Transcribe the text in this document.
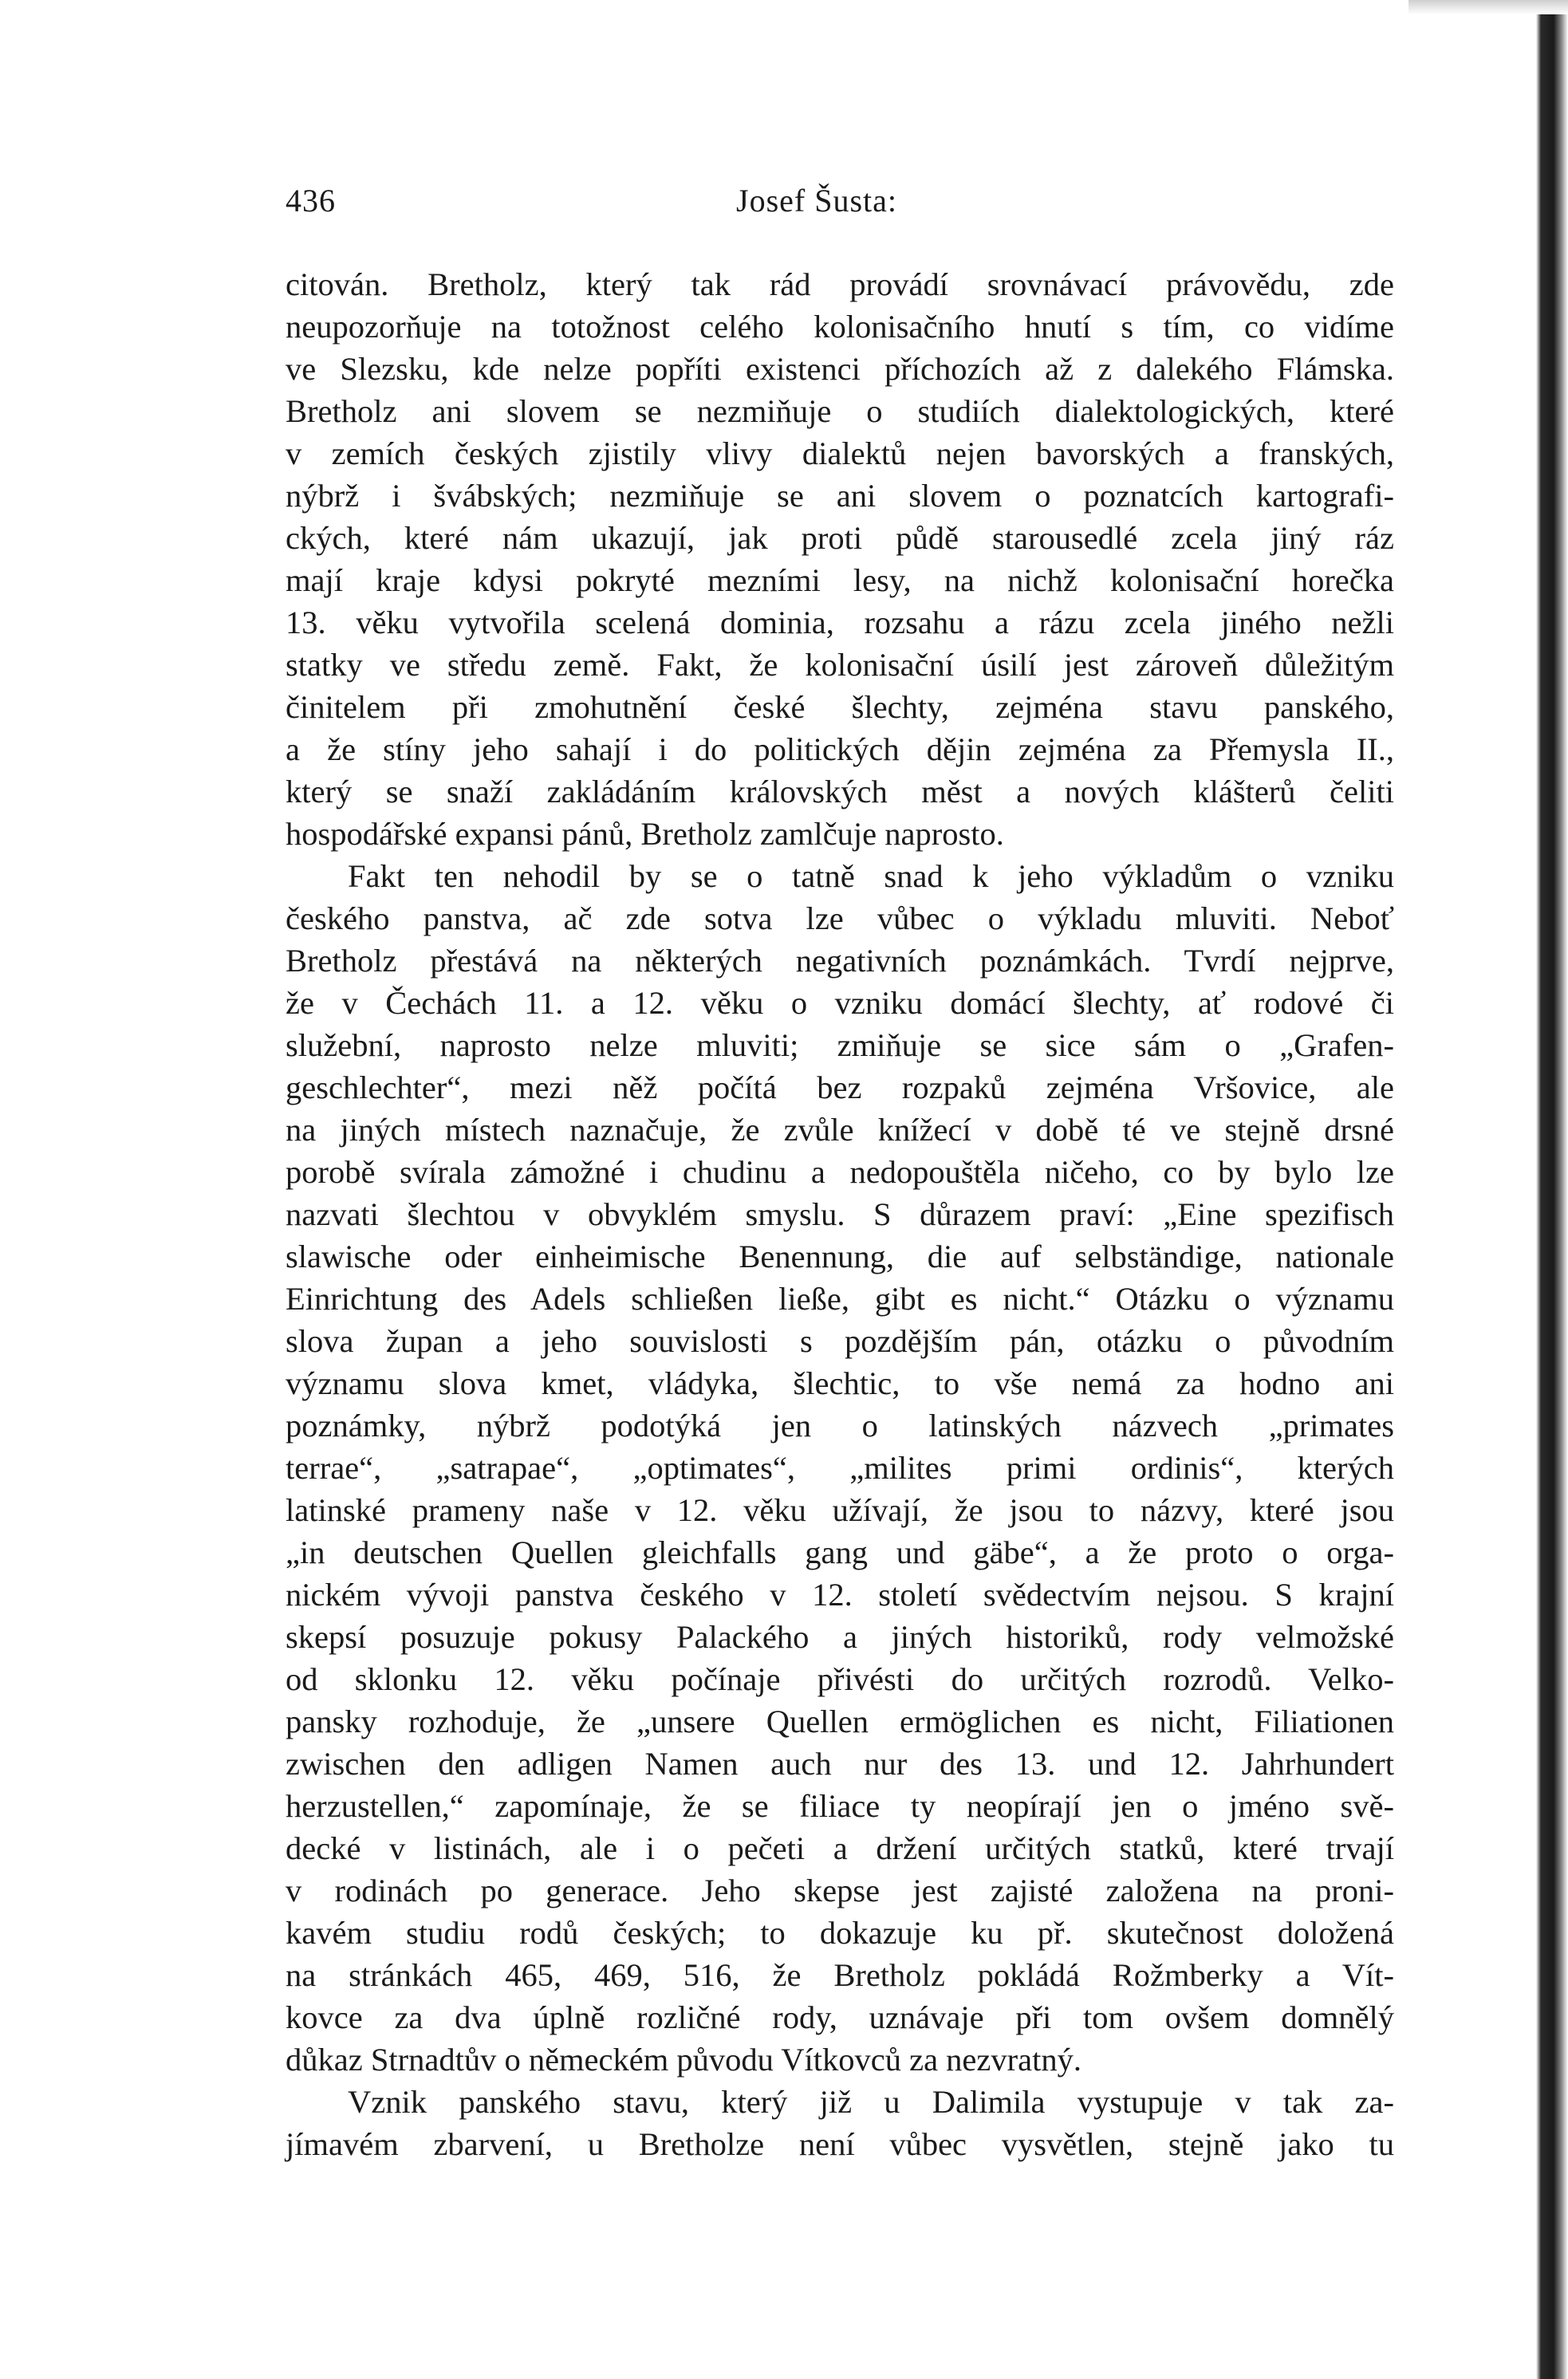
436	Josef Šusta:
citován. Bretholz, který tak rád provádí srovnávací právovědu, zde
neupozorňuje na totožnost celého kolonisačního hnutí s tím, co vidíme
ve Slezsku, kde nelze popříti existenci příchozích až z dalekého Flámska.
Bretholz ani slovem se nezmiňuje o studiích dialektologických, které
v zemích českých zjistily vlivy dialektů nejen bavorských a franských,
nýbrž i švábských; nezmiňuje se ani slovem o poznatcích kartografi-
ckých, které nám ukazují, jak proti půdě starousedlé zcela jiný ráz
mají kraje kdysi pokryté mezními lesy, na nichž kolonisační horečka
13. věku vytvořila scelená dominia, rozsahu a rázu zcela jiného nežli
statky ve středu země. Fakt, že kolonisační úsilí jest zároveň důležitým
činitelem při zmohutnění české šlechty, zejména stavu panského,
a že stíny jeho sahají i do politických dějin zejména za Přemysla II.,
který se snaží zakládáním královských měst a nových klášterů čeliti
hospodářské expansi pánů, Bretholz zamlčuje naprosto.
Fakt ten nehodil by se o tatně snad k jeho výkladům o vzniku
českého panstva, ač zde sotva lze vůbec o výkladu mluviti. Neboť
Bretholz přestává na některých negativních poznámkách. Tvrdí nejprve,
že v Čechách 11. a 12. věku o vzniku domácí šlechty, ať rodové či
služební, naprosto nelze mluviti; zmiňuje se sice sám o „Grafen-
geschlechter“, mezi něž počítá bez rozpaků zejména Vršovice, ale
na jiných místech naznačuje, že zvůle knížecí v době té ve stejně drsné
porobě svírala zámožné i chudinu a nedopouštěla ničeho, co by bylo lze
nazvati šlechtou v obvyklém smyslu. S důrazem praví: „Eine spezifisch
slawische oder einheimische Benennung, die auf selbständige, nationale
Einrichtung des Adels schließen ließe, gibt es nicht.“ Otázku o významu
slova župan a jeho souvislosti s pozdějším pán, otázku o původním
významu slova kmet, vládyka, šlechtic, to vše nemá za hodno ani
poznámky, nýbrž podotýká jen o latinských názvech „primates
terrae“, „satrapae“, „optimates“, „milites primi ordinis“, kterých
latinské prameny naše v 12. věku užívají, že jsou to názvy, které jsou
„in deutschen Quellen gleichfalls gang und gäbe“, a že proto o orga-
nickém vývoji panstva českého v 12. století svědectvím nejsou. S krajní
skepsí posuzuje pokusy Palackého a jiných historiků, rody velmožské
od sklonku 12. věku počínaje přivésti do určitých rozrodů. Velko-
pansky rozhoduje, že „unsere Quellen ermöglichen es nicht, Filiationen
zwischen den adligen Namen auch nur des 13. und 12. Jahrhundert
herzustellen,“ zapomínaje, že se filiace ty neopírají jen o jméno svě-
decké v listinách, ale i o pečeti a držení určitých statků, které trvají
v rodinách po generace. Jeho skepse jest zajisté založena na proni-
kavém studiu rodů českých; to dokazuje ku př. skutečnost doložená
na stránkách 465, 469, 516, že Bretholz pokládá Rožmberky a Vít-
kovce za dva úplně rozličné rody, uznávaje při tom ovšem domnělý
důkaz Strnadtův o německém původu Vítkovců za nezvratný.
Vznik panského stavu, který již u Dalimila vystupuje v tak za-
jímavém zbarvení, u Bretholze není vůbec vysvětlen, stejně jako tu
